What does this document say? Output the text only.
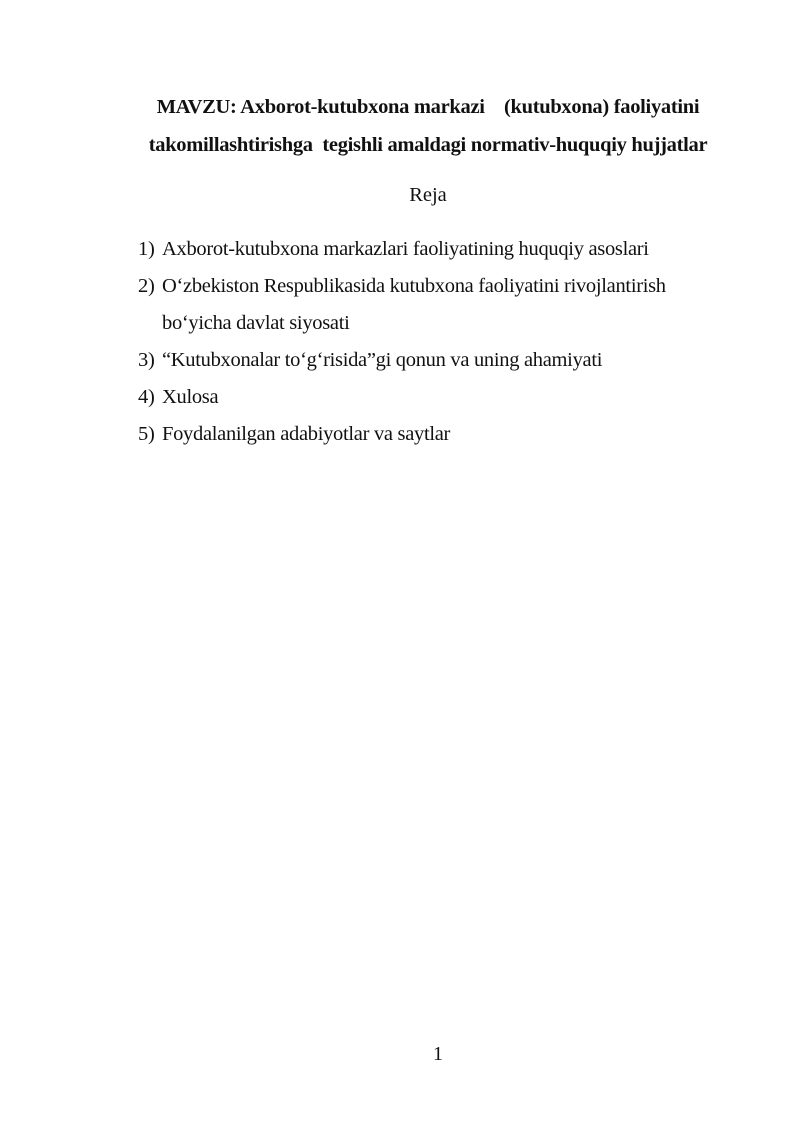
MAVZU: Axborot-kutubxona markazi    (kutubxona) faoliyatini
takomillashtirishga  tegishli amaldagi normativ-huquqiy hujjatlar
Reja
1) Axborot-kutubxona markazlari faoliyatining huquqiy asoslari
2) O‘zbekiston Respublikasida kutubxona faoliyatini rivojlantirish bo‘yicha davlat siyosati
3) “Kutubxonalar to‘g‘risida”gi qonun va uning ahamiyati
4) Xulosa
5) Foydalanilgan adabiyotlar va saytlar
1
